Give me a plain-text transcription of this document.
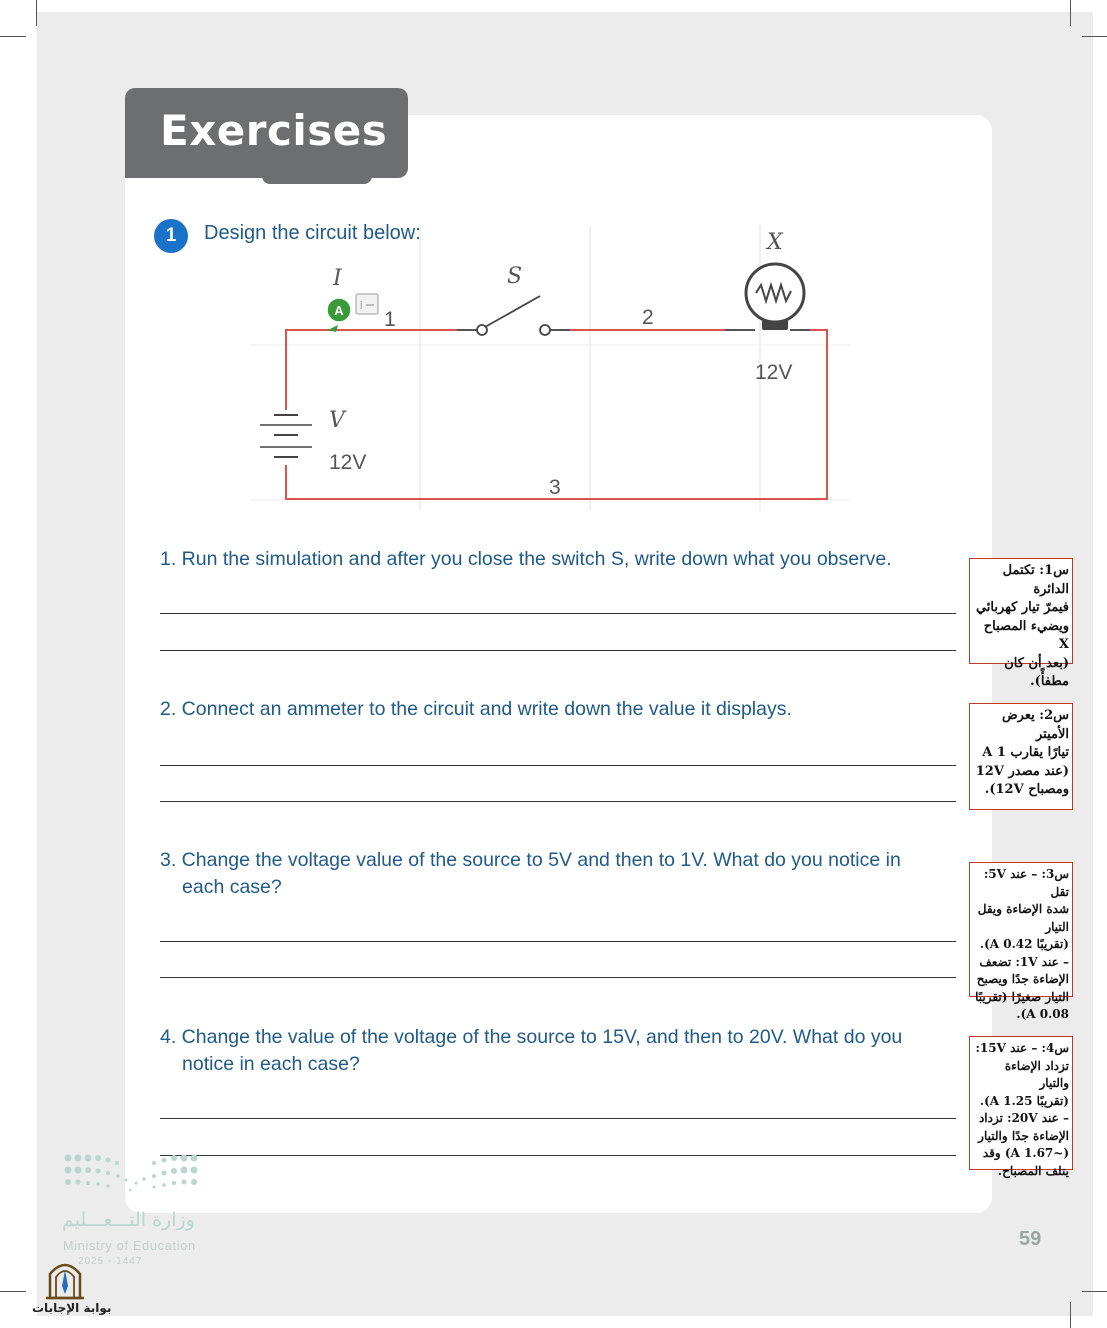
Exercises
1	Design the circuit below:
A i
I
1
S
2
X
12V
V
12V
3
1. Run the simulation and after you close the switch S, write down what you observe.
2. Connect an ammeter to the circuit and write down the value it displays.
3. Change the voltage value of the source to 5V and then to 1V. What do you notice in
each case?
4. Change the value of the voltage of the source to 15V, and then to 20V. What do you
notice in each case?
س1: تكتمل الدائرة
فيمرّ تيار كهربائي
ويضيء المصباح X
(بعد أن كان مطفأً).
س2: يعرض الأميتر
تيارًا يقارب A 1
(عند مصدر 12V
ومصباح 12V).
س3: – عند 5V: تقل
شدة الإضاءة ويقل التيار
(تقريبًا A 0.42).
– عند 1V: تضعف
الإضاءة جدًا ويصبح
التيار صغيرًا (تقريبًا
A 0.08).
س4: – عند 15V:
تزداد الإضاءة والتيار
(تقريبًا A 1.25).
– عند 20V: تزداد
الإضاءة جدًا والتيار
(~A 1.67) وقد
يتلف المصباح.
وزارة التـــعـــليم
Ministry of Education
2025 - 1447
59
بوابة الإجابات
